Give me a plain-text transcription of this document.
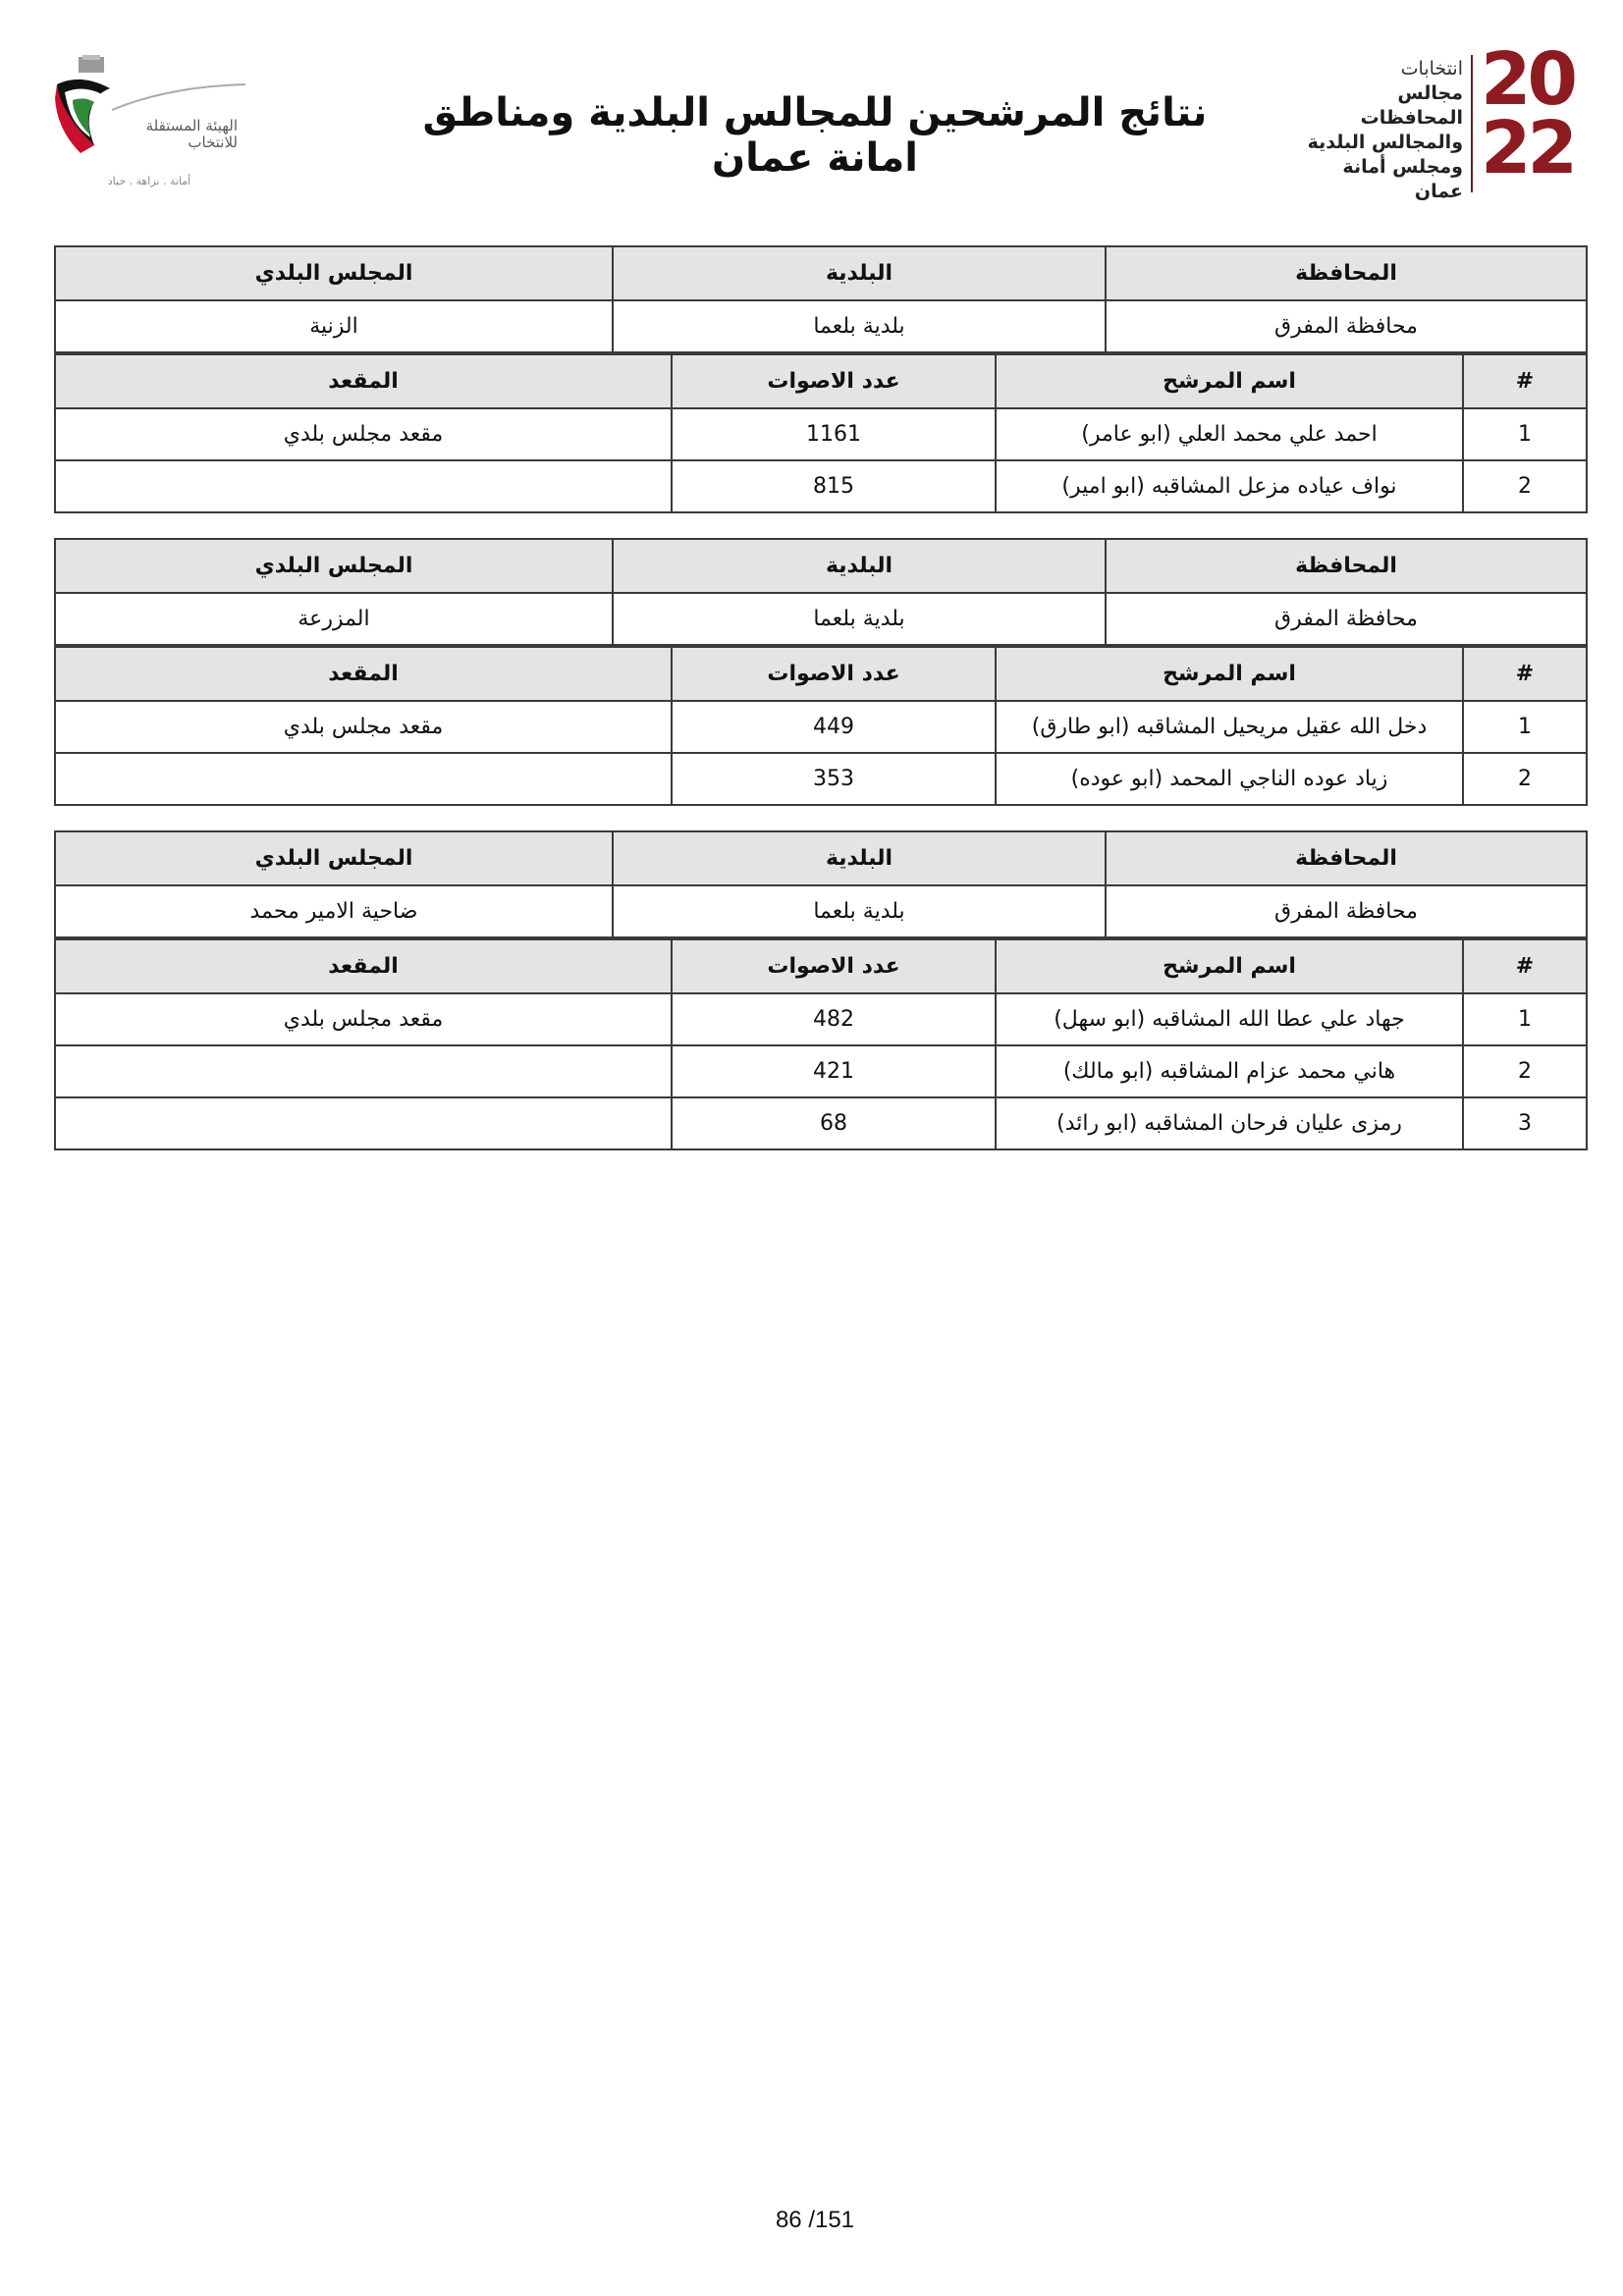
الهيئة المستقلة
للانتخاب
أمانة . نزاهة . حياد
نتائج المرشحين للمجالس البلدية ومناطق امانة عمان
انتخابات
مجالس المحافظات
والمجالس البلدية
ومجلس أمانة عمان
20
22
المحافظة	البلدية	المجلس البلدي
محافظة المفرق	بلدية بلعما	الزنية
#	اسم المرشح	عدد الاصوات	المقعد
1	احمد علي محمد العلي (ابو عامر)	1161	مقعد مجلس بلدي
2	نواف عياده مزعل المشاقبه (ابو امير)	815	
المحافظة	البلدية	المجلس البلدي
محافظة المفرق	بلدية بلعما	المزرعة
#	اسم المرشح	عدد الاصوات	المقعد
1	دخل الله عقيل مريحيل المشاقبه (ابو طارق)	449	مقعد مجلس بلدي
2	زياد عوده الناجي المحمد (ابو عوده)	353	
المحافظة	البلدية	المجلس البلدي
محافظة المفرق	بلدية بلعما	ضاحية الامير محمد
#	اسم المرشح	عدد الاصوات	المقعد
1	جهاد علي عطا الله المشاقبه (ابو سهل)	482	مقعد مجلس بلدي
2	هاني محمد عزام المشاقبه (ابو مالك)	421	
3	رمزى عليان فرحان المشاقبه (ابو رائد)	68	
86 /151
